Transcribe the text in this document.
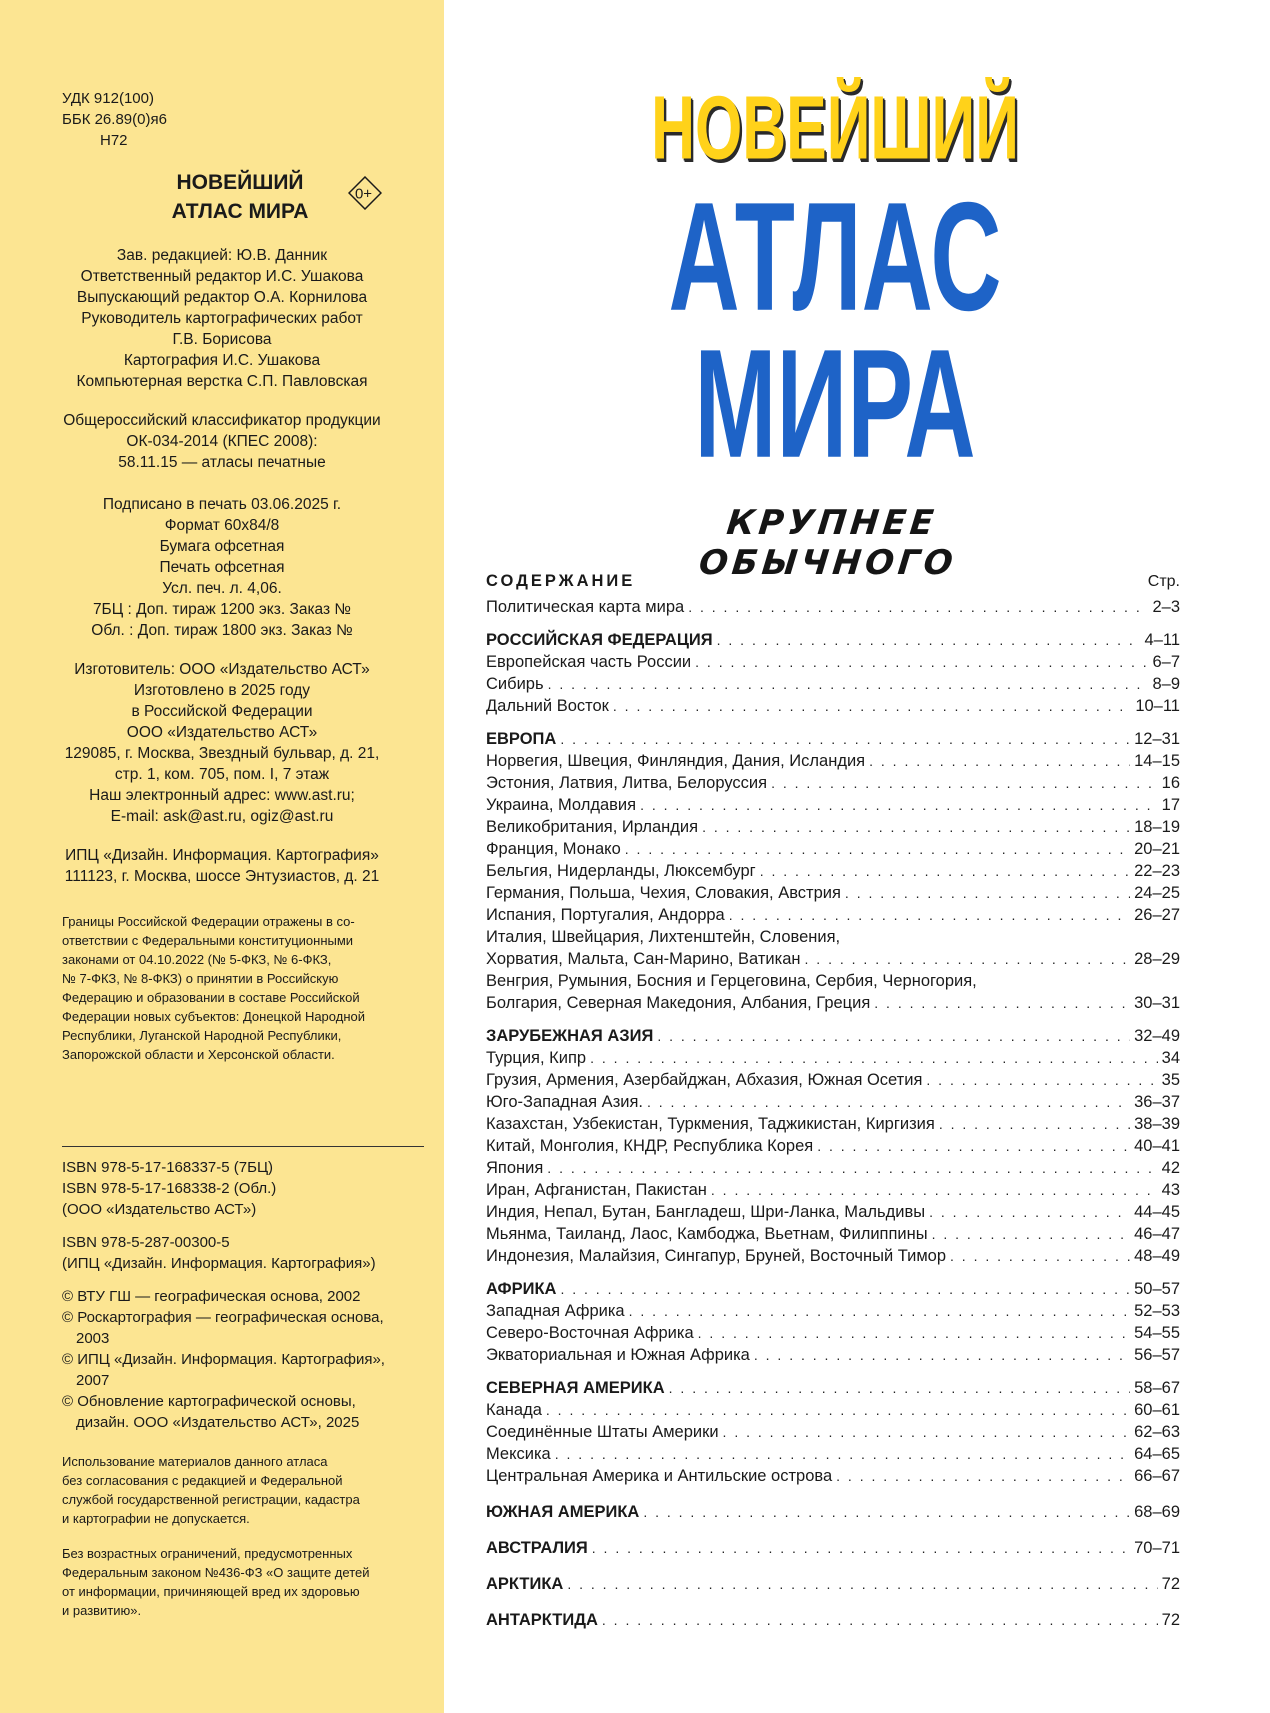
УДК 912(100)
ББК 26.89(0)я6
Н72
НОВЕЙШИЙ
АТЛАС МИРА
0+
Зав. редакцией: Ю.В. Данник
Ответственный редактор И.С. Ушакова
Выпускающий редактор О.А. Корнилова
Руководитель картографических работ
Г.В. Борисова
Картография И.С. Ушакова
Компьютерная верстка С.П. Павловская
Общероссийский классификатор продукции
ОК-034-2014 (КПЕС 2008):
58.11.15 — атласы печатные
Подписано в печать 03.06.2025 г.
Формат 60x84/8
Бумага офсетная
Печать офсетная
Усл. печ. л. 4,06.
7БЦ : Доп. тираж 1200 экз. Заказ №
Обл. : Доп. тираж 1800 экз. Заказ №
Изготовитель: ООО «Издательство АСТ»
Изготовлено в 2025 году
в Российской Федерации
ООО «Издательство АСТ»
129085, г. Москва, Звездный бульвар, д. 21,
стр. 1, ком. 705, пом. I, 7 этаж
Наш электронный адрес: www.ast.ru;
E-mail: ask@ast.ru, ogiz@ast.ru
ИПЦ «Дизайн. Информация. Картография»
111123, г. Москва, шоссе Энтузиастов, д. 21
Границы Российской Федерации отражены в со-
ответствии с Федеральными конституционными
законами от 04.10.2022 (№ 5-ФКЗ, № 6-ФКЗ,
№ 7-ФКЗ, № 8-ФКЗ) о принятии в Российскую
Федерацию и образовании в составе Российской
Федерации новых субъектов: Донецкой Народной
Республики, Луганской Народной Республики,
Запорожской области и Херсонской области.
ISBN 978-5-17-168337-5 (7БЦ)
ISBN 978-5-17-168338-2 (Обл.)
(ООО «Издательство АСТ»)
ISBN 978-5-287-00300-5
(ИПЦ «Дизайн. Информация. Картография»)
© ВТУ ГШ — географическая основа, 2002
© Роскартография — географическая основа,
2003
© ИПЦ «Дизайн. Информация. Картография»,
2007
© Обновление картографической основы,
дизайн. ООО «Издательство АСТ», 2025
Использование материалов данного атласа
без согласования с редакцией и Федеральной
службой государственной регистрации, кадастра
и картографии не допускается.
Без возрастных ограничений, предусмотренных
Федеральным законом №436-ФЗ «О защите детей
от информации, причиняющей вред их здоровью
и развитию».
НОВЕЙШИЙ
АТЛАС
МИРА
КРУПНЕЕ ОБЫЧНОГО
СОДЕРЖАНИЕ	Стр.
Политическая карта мира . . .	2–3
РОССИЙСКАЯ ФЕДЕРАЦИЯ . . .	4–11
Европейская часть России . . .	6–7
Сибирь . . .	8–9
Дальний Восток . . .	10–11
ЕВРОПА . . .	12–31
Норвегия, Швеция, Финляндия, Дания, Исландия . . .	14–15
Эстония, Латвия, Литва, Белоруссия . . .	16
Украина, Молдавия . . .	17
Великобритания, Ирландия . . .	18–19
Франция, Монако . . .	20–21
Бельгия, Нидерланды, Люксембург . . .	22–23
Германия, Польша, Чехия, Словакия, Австрия . . .	24–25
Испания, Португалия, Андорра . . .	26–27
Италия, Швейцария, Лихтенштейн, Словения,
Хорватия, Мальта, Сан-Марино, Ватикан . . .	28–29
Венгрия, Румыния, Босния и Герцеговина, Сербия, Черногория,
Болгария, Северная Македония, Албания, Греция . . .	30–31
ЗАРУБЕЖНАЯ АЗИЯ . . .	32–49
Турция, Кипр . . .	34
Грузия, Армения, Азербайджан, Абхазия, Южная Осетия . . .	35
Юго-Западная Азия. . . .	36–37
Казахстан, Узбекистан, Туркмения, Таджикистан, Киргизия . . .	38–39
Китай, Монголия, КНДР, Республика Корея . . .	40–41
Япония . . .	42
Иран, Афганистан, Пакистан . . .	43
Индия, Непал, Бутан, Бангладеш, Шри-Ланка, Мальдивы . . .	44–45
Мьянма, Таиланд, Лаос, Камбоджа, Вьетнам, Филиппины . . .	46–47
Индонезия, Малайзия, Сингапур, Бруней, Восточный Тимор . . .	48–49
АФРИКА . . .	50–57
Западная Африка . . .	52–53
Северо-Восточная Африка . . .	54–55
Экваториальная и Южная Африка . . .	56–57
СЕВЕРНАЯ АМЕРИКА . . .	58–67
Канада . . .	60–61
Соединённые Штаты Америки . . .	62–63
Мексика . . .	64–65
Центральная Америка и Антильские острова . . .	66–67
ЮЖНАЯ АМЕРИКА . . .	68–69
АВСТРАЛИЯ . . .	70–71
АРКТИКА . . .	72
АНТАРКТИДА . . .	72
